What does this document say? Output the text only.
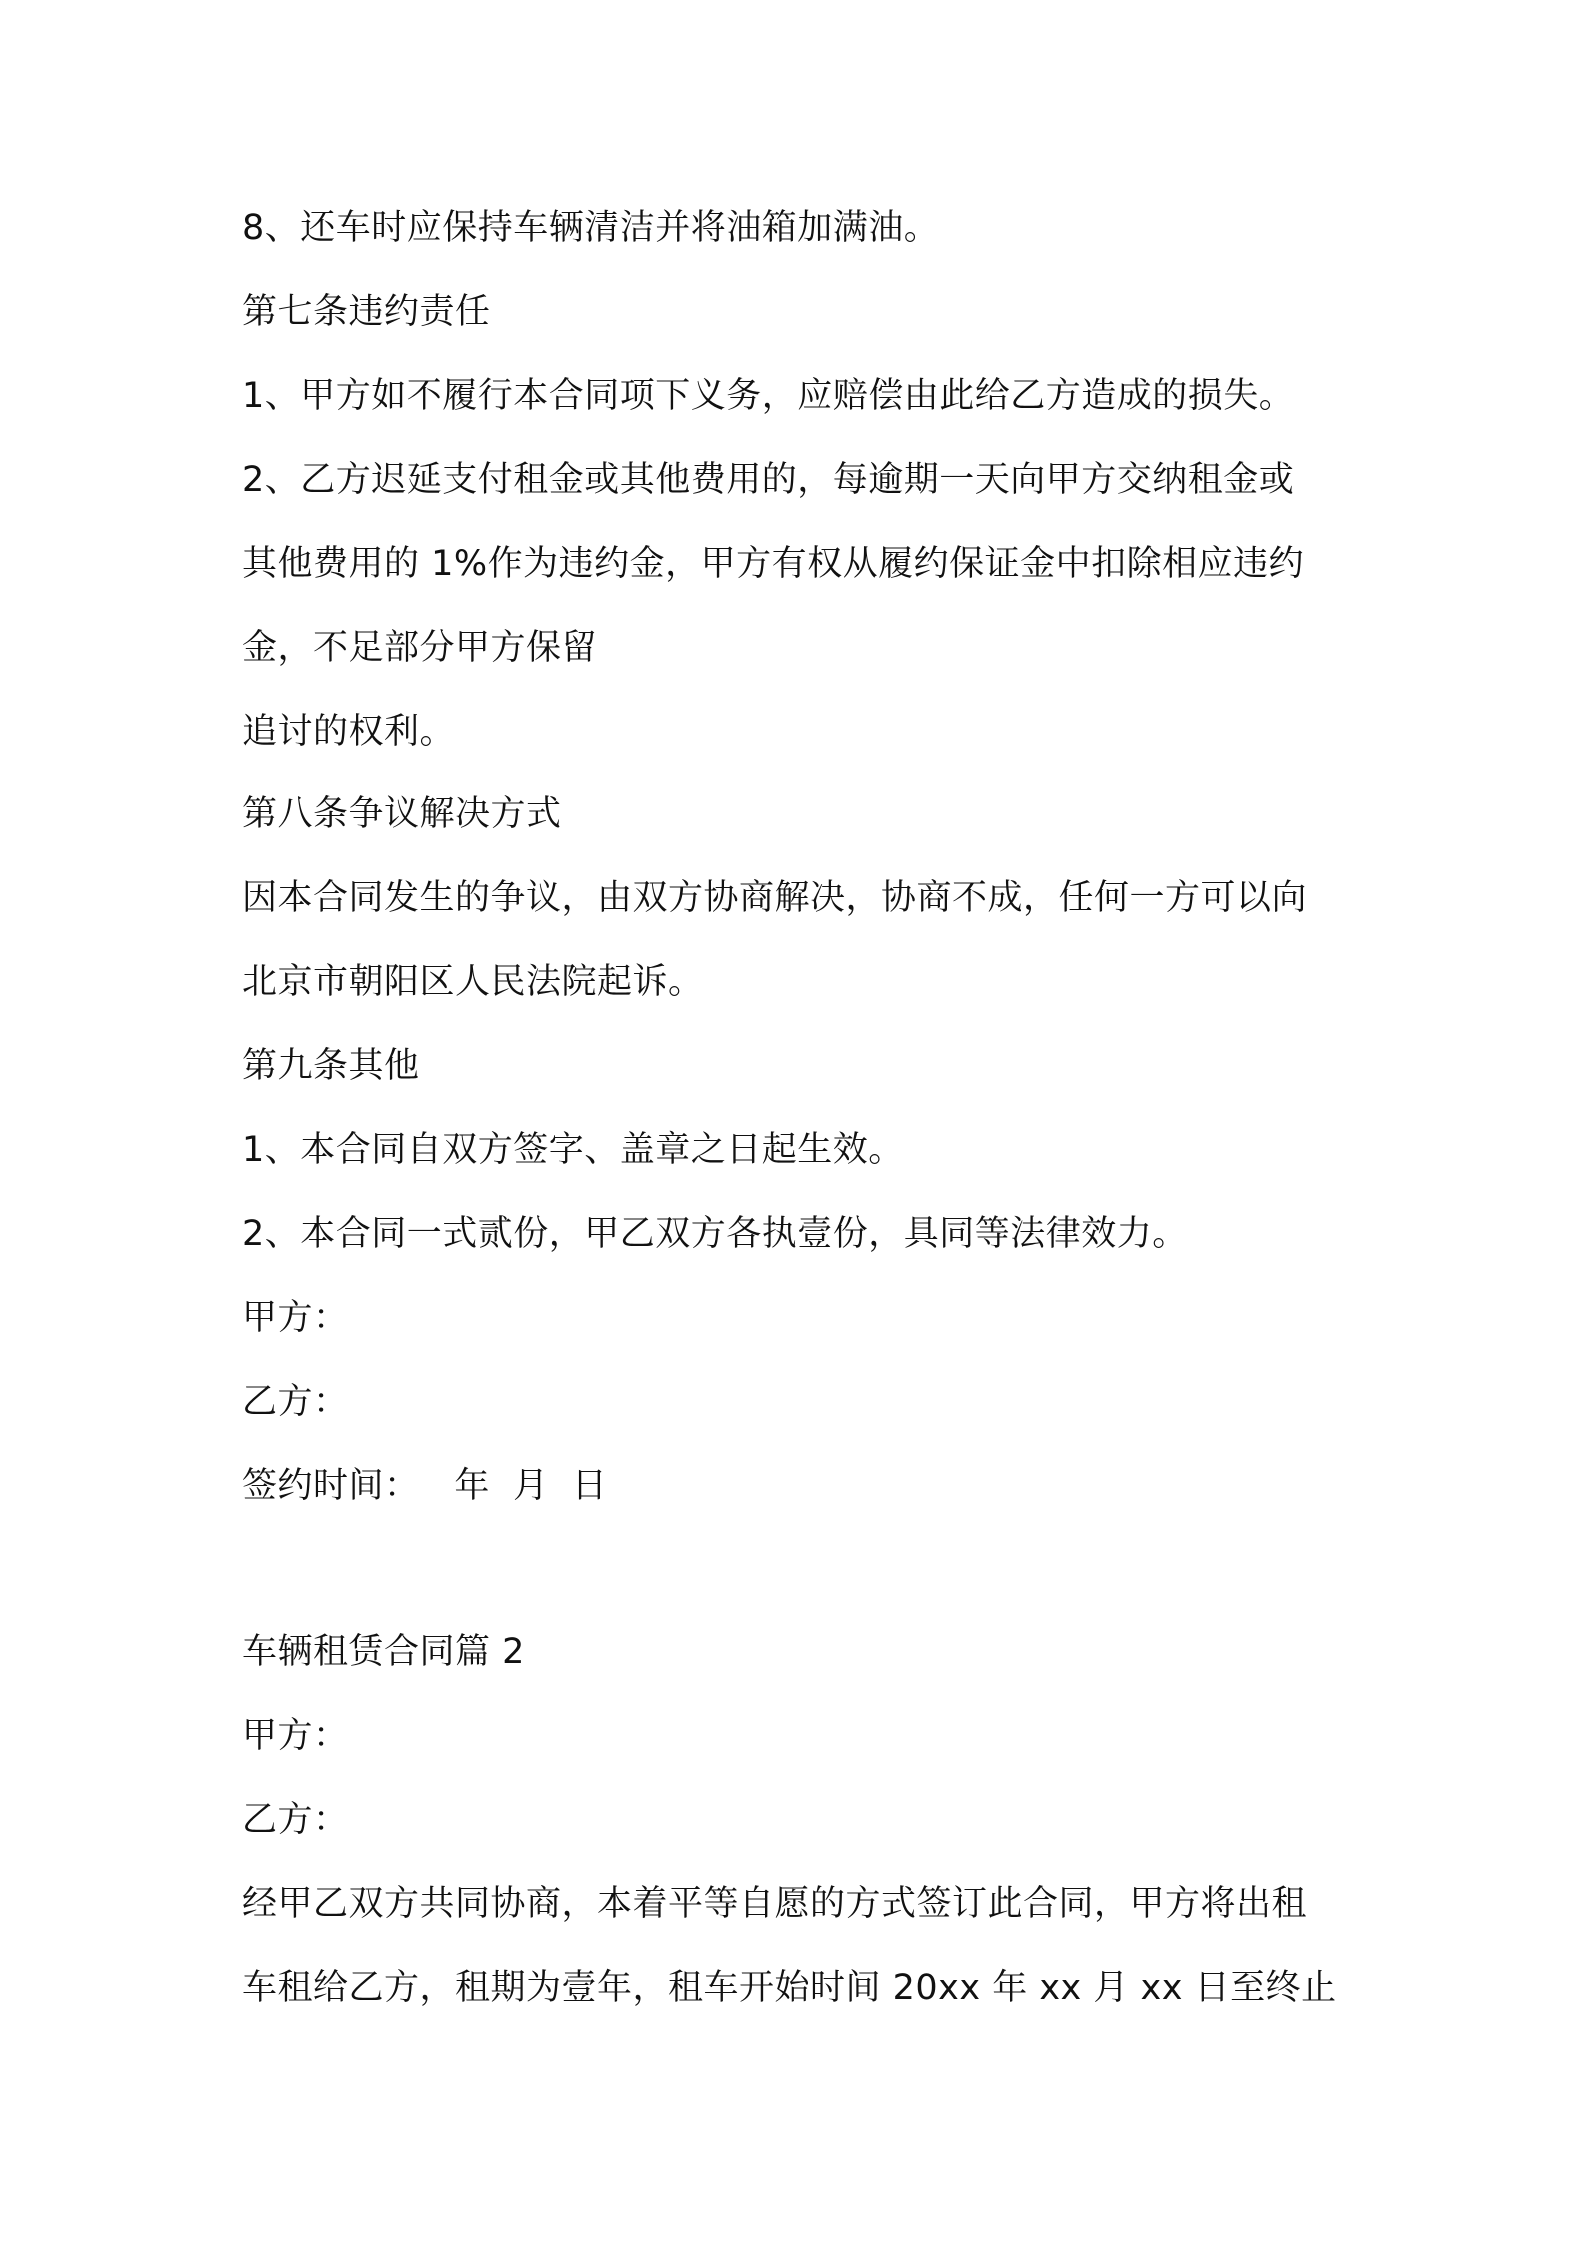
8、还车时应保持车辆清洁并将油箱加满油。

第七条违约责任

1、甲方如不履行本合同项下义务，应赔偿由此给乙方造成的损失。

2、乙方迟延支付租金或其他费用的，每逾期一天向甲方交纳租金或

其他费用的 1%作为违约金，甲方有权从履约保证金中扣除相应违约

金，不足部分甲方保留

追讨的权利。

第八条争议解决方式

因本合同发生的争议，由双方协商解决，协商不成，任何一方可以向

北京市朝阳区人民法院起诉。

第九条其他

1、本合同自双方签字、盖章之日起生效。

2、本合同一式贰份，甲乙双方各执壹份，具同等法律效力。

甲方：

乙方：

签约时间：   年  月  日

车辆租赁合同篇 2

甲方：

乙方：

经甲乙双方共同协商，本着平等自愿的方式签订此合同，甲方将出租

车租给乙方，租期为壹年，租车开始时间 20xx 年 xx 月 xx 日至终止
